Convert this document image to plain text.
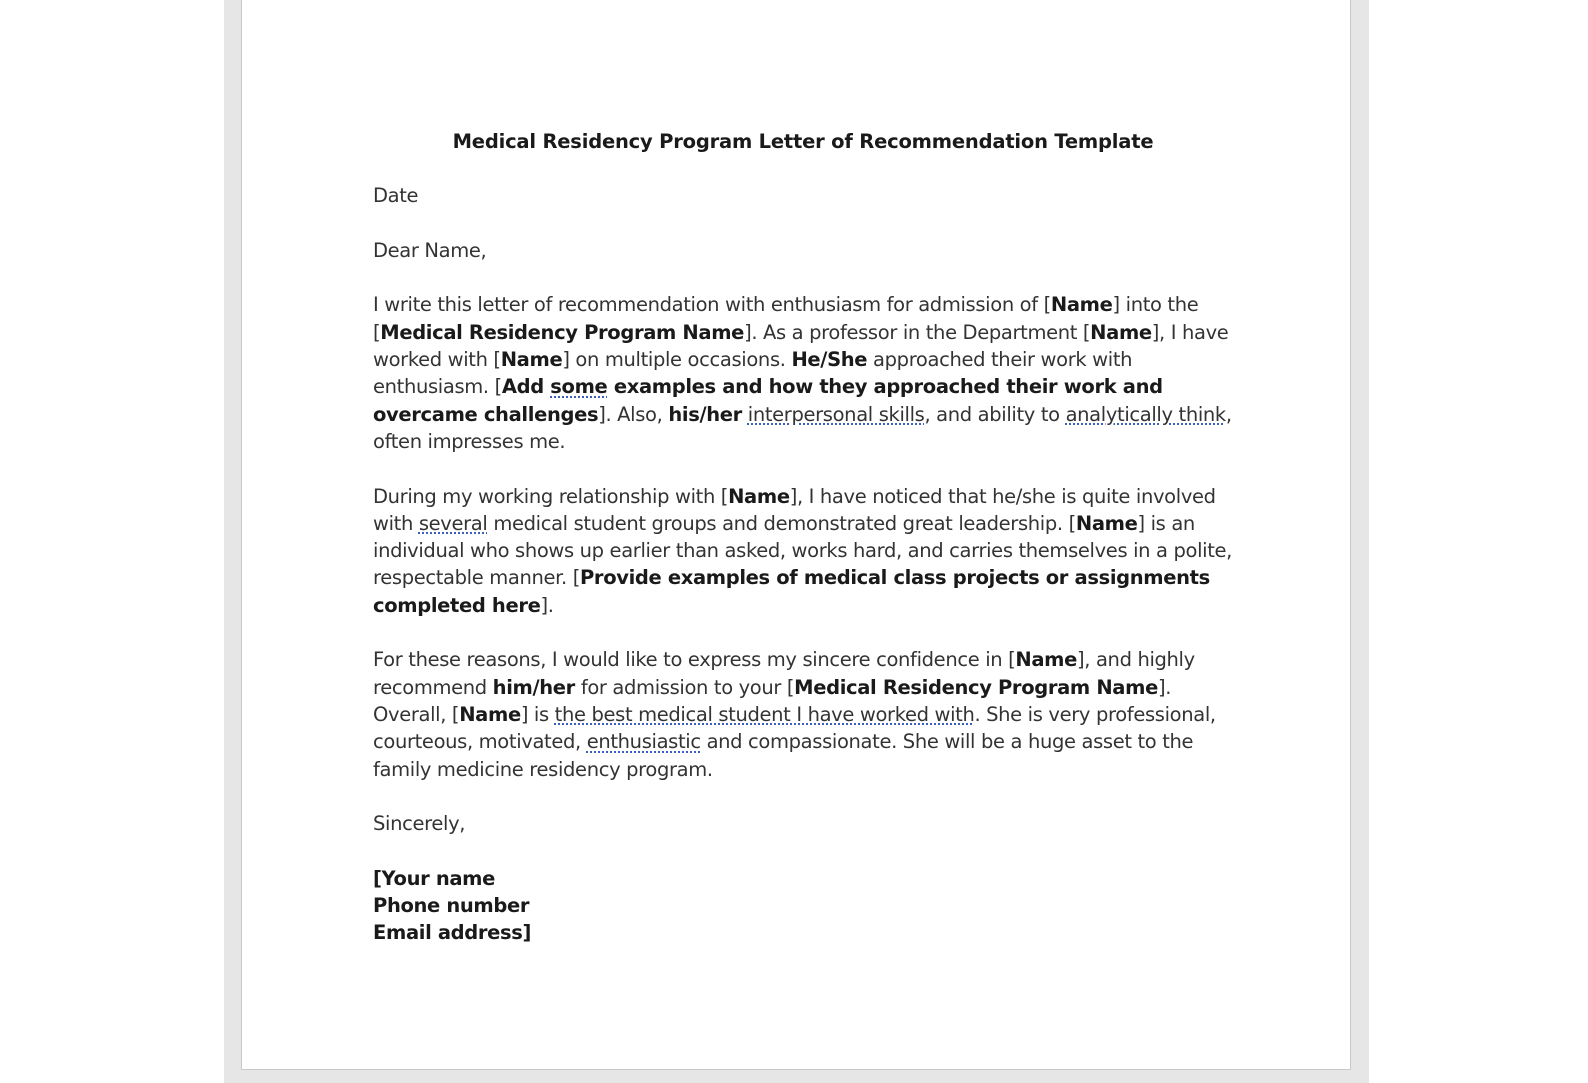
Medical Residency Program Letter of Recommendation Template

Date

Dear Name,

I write this letter of recommendation with enthusiasm for admission of [Name] into the [Medical Residency Program Name]. As a professor in the Department [Name], I have worked with [Name] on multiple occasions. He/She approached their work with enthusiasm. [Add some examples and how they approached their work and overcame challenges]. Also, his/her interpersonal skills, and ability to analytically think, often impresses me.

During my working relationship with [Name], I have noticed that he/she is quite involved with several medical student groups and demonstrated great leadership. [Name] is an individual who shows up earlier than asked, works hard, and carries themselves in a polite, respectable manner. [Provide examples of medical class projects or assignments completed here].

For these reasons, I would like to express my sincere confidence in [Name], and highly recommend him/her for admission to your [Medical Residency Program Name]. Overall, [Name] is the best medical student I have worked with. She is very professional, courteous, motivated, enthusiastic and compassionate. She will be a huge asset to the family medicine residency program.

Sincerely,

[Your name
Phone number
Email address]
